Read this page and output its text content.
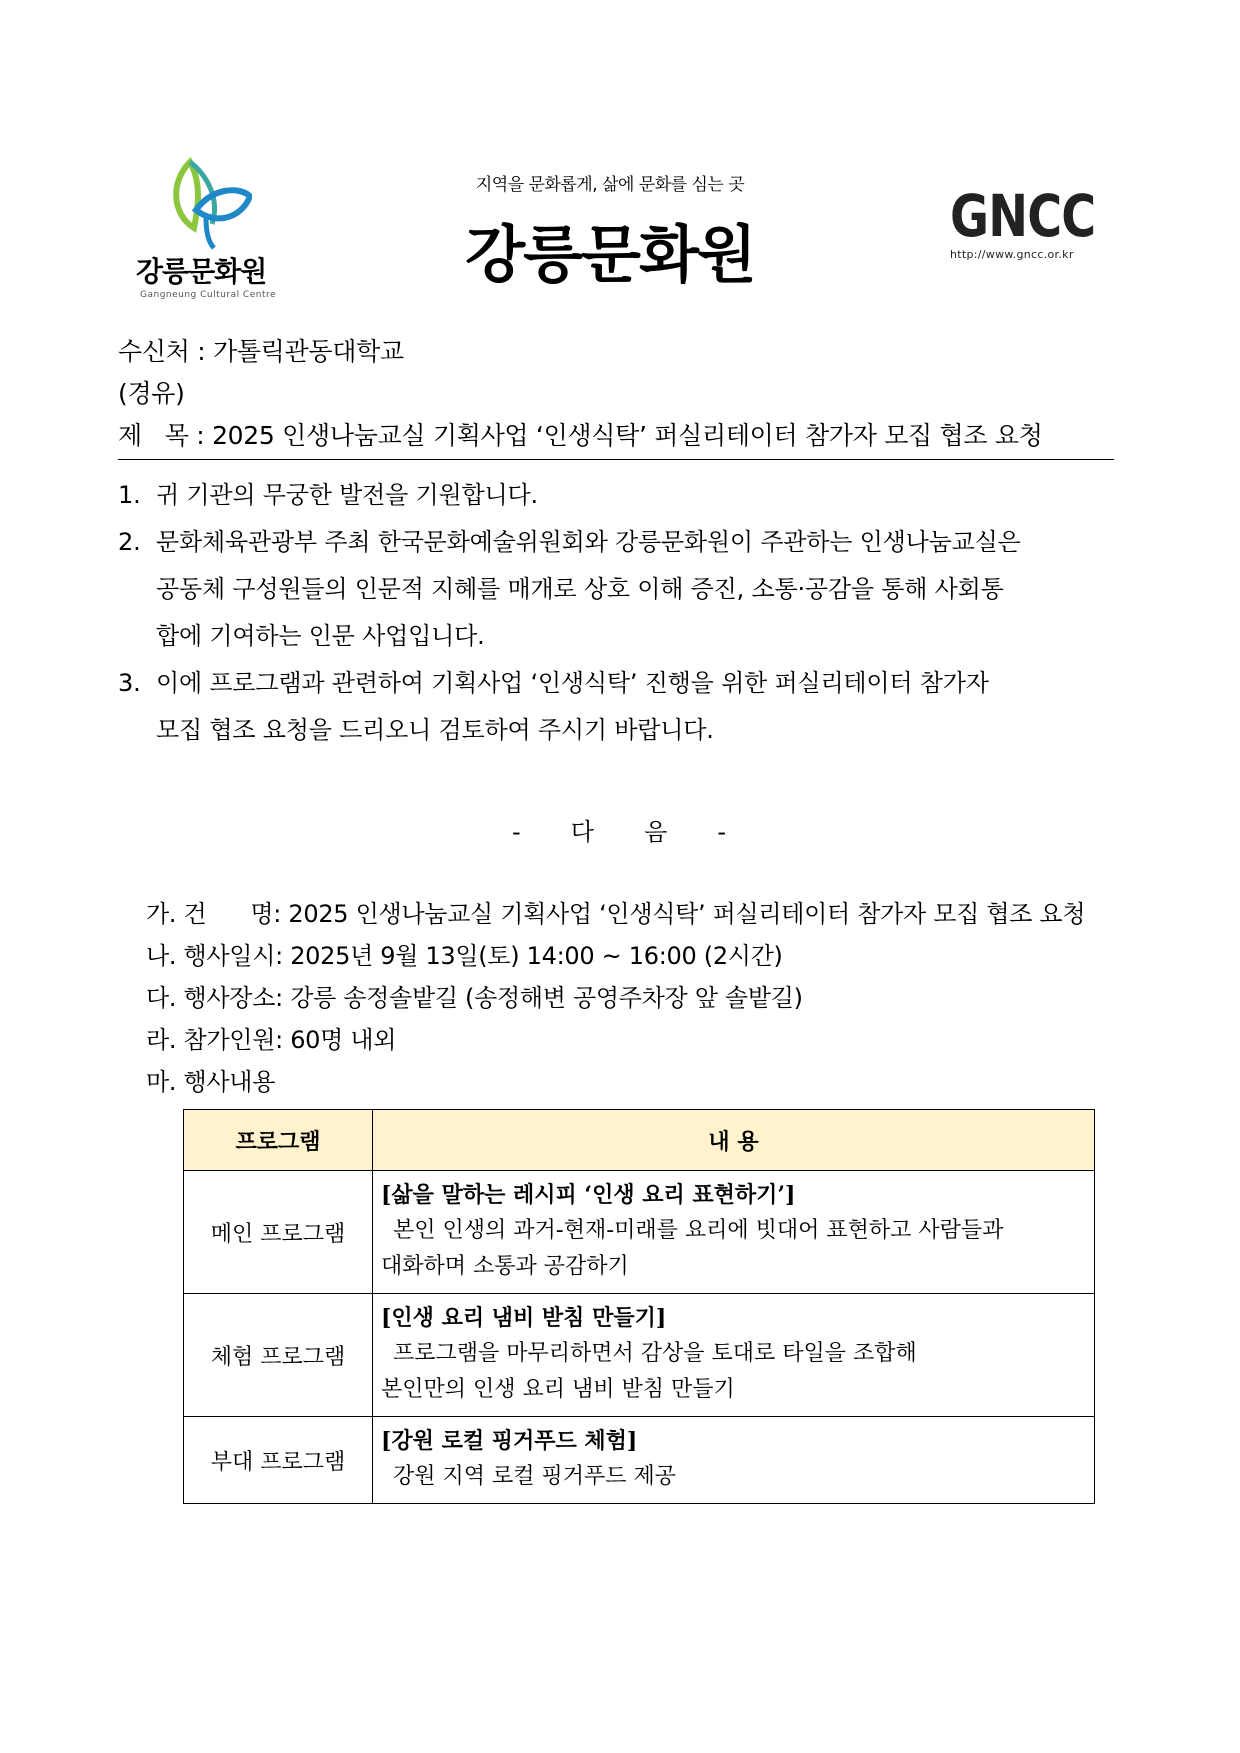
강릉문화원
Gangneung Cultural Centre
지역을 문화롭게, 삶에 문화를 심는 곳
강릉문화원
GNCC
http://www.gncc.or.kr
수신처 : 가톨릭관동대학교
(경유)
제   목 : 2025 인생나눔교실 기획사업 ‘인생식탁’ 퍼실리테이터 참가자 모집 협조 요청
1. 귀 기관의 무궁한 발전을 기원합니다.
2. 문화체육관광부 주최 한국문화예술위원회와 강릉문화원이 주관하는 인생나눔교실은
공동체 구성원들의 인문적 지혜를 매개로 상호 이해 증진, 소통·공감을 통해 사회통
합에 기여하는 인문 사업입니다.
3. 이에 프로그램과 관련하여 기획사업 ‘인생식탁’ 진행을 위한 퍼실리테이터 참가자
모집 협조 요청을 드리오니 검토하여 주시기 바랍니다.
-     다     음     -
가. 건      명: 2025 인생나눔교실 기획사업 ‘인생식탁’ 퍼실리테이터 참가자 모집 협조 요청
나. 행사일시: 2025년 9월 13일(토) 14:00 ~ 16:00 (2시간)
다. 행사장소: 강릉 송정솔밭길 (송정해변 공영주차장 앞 솔밭길)
라. 참가인원: 60명 내외
마. 행사내용
프로그램	내 용
메인 프로그램	[삶을 말하는 레시피 ‘인생 요리 표현하기’]
본인 인생의 과거-현재-미래를 요리에 빗대어 표현하고 사람들과
대화하며 소통과 공감하기

체험 프로그램	[인생 요리 냄비 받침 만들기]
프로그램을 마무리하면서 감상을 토대로 타일을 조합해
본인만의 인생 요리 냄비 받침 만들기

부대 프로그램	[강원 로컬 핑거푸드 체험]
강원 지역 로컬 핑거푸드 제공
